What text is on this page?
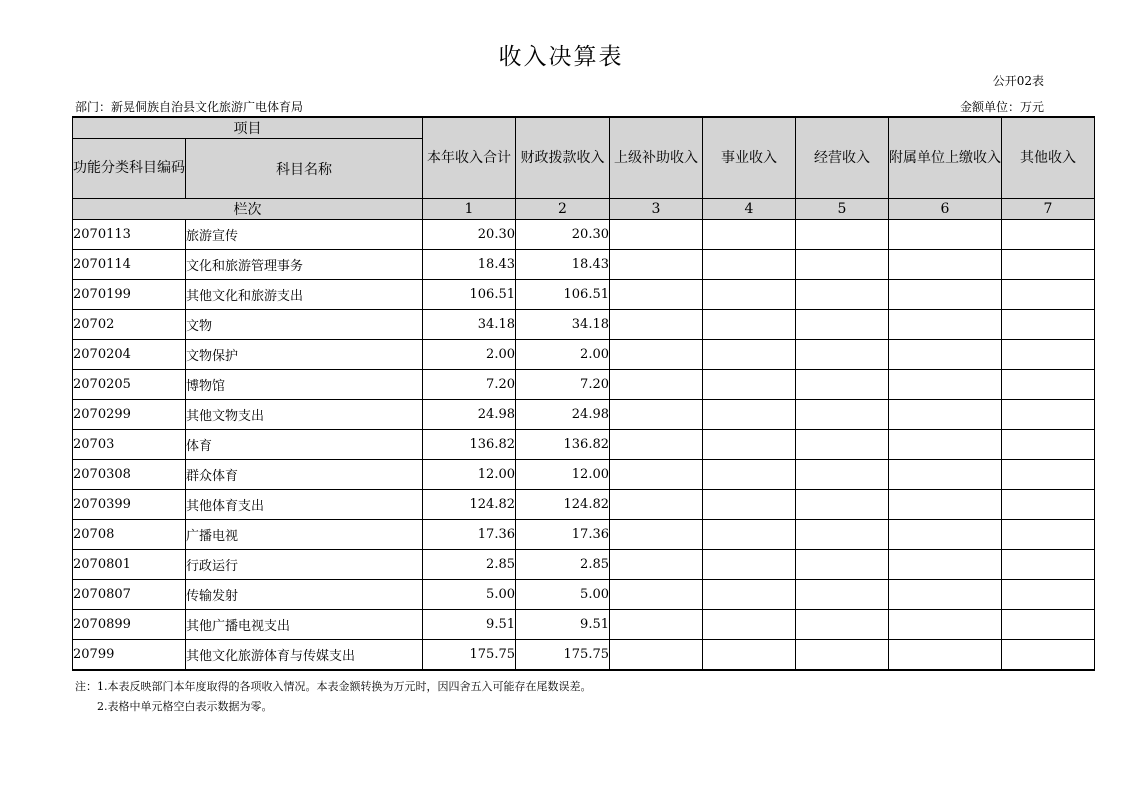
收入决算表
公开02表
部门：新晃侗族自治县文化旅游广电体育局	金额单位：万元
项目		本年收入合计	财政拨款收入	上级补助收入	事业收入	经营收入	附属单位上缴收入	其他收入
功能分类科目编码	科目名称							
栏次		1	2	3	4	5	6	7
2070113	旅游宣传	20.30	20.30					
2070114	文化和旅游管理事务	18.43	18.43					
2070199	其他文化和旅游支出	106.51	106.51					
20702	文物	34.18	34.18					
2070204	文物保护	2.00	2.00					
2070205	博物馆	7.20	7.20					
2070299	其他文物支出	24.98	24.98					
20703	体育	136.82	136.82					
2070308	群众体育	12.00	12.00					
2070399	其他体育支出	124.82	124.82					
20708	广播电视	17.36	17.36					
2070801	行政运行	2.85	2.85					
2070807	传输发射	5.00	5.00					
2070899	其他广播电视支出	9.51	9.51					
20799	其他文化旅游体育与传媒支出	175.75	175.75					
注：1.本表反映部门本年度取得的各项收入情况。本表金额转换为万元时，因四舍五入可能存在尾数误差。
2.表格中单元格空白表示数据为零。
